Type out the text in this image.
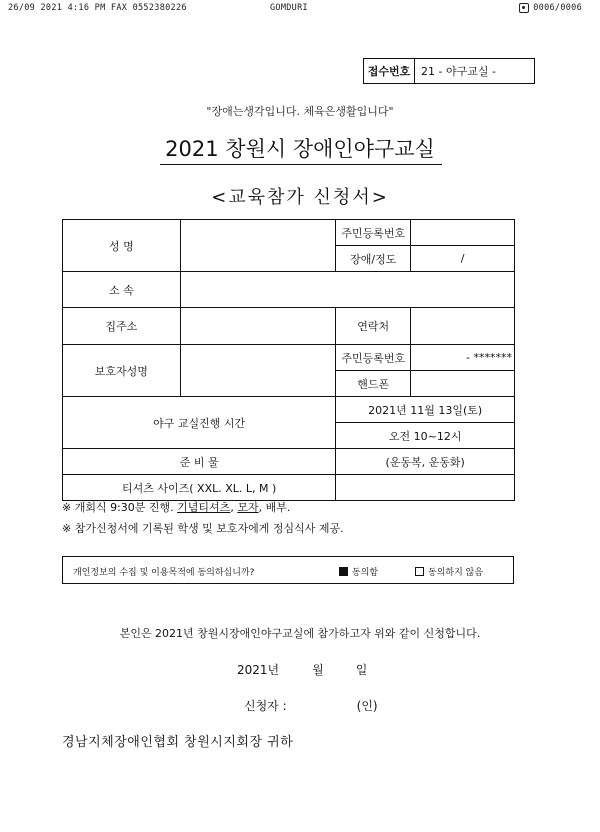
26/09 2021 4:16 PM FAX 0552380226	GOMDURI	0006/0006
접수번호 21 - 야구교실 -
"장애는생각입니다. 체육은생활입니다"
2021 창원시 장애인야구교실
<교육참가 신청서>
성 명		주민등록번호	
		장애/정도	/
소 속			
집주소		연락처	
보호자성명		주민등록번호	- *******
		핸드폰	
야구 교실진행 시간		2021년 11월 13일(토)	
		오전 10~12시	
준 비 물		(운동복, 운동화)	
티셔츠 사이즈( XXL. XL. L, M )			
※ 개회식 9:30분 진행. 기념티셔츠, 모자, 배부.
※ 참가신청서에 기록된 학생 및 보호자에게 정심식사 제공.
개인정보의 수집 및 이용목적에 동의하십니까?	동의함	동의하지 않음
본인은 2021년 창원시장애인야구교실에 참가하고자 위와 같이 신청합니다.
2021년	월	일
신청자 :	(인)
경남지체장애인협회 창원시지회장 귀하
